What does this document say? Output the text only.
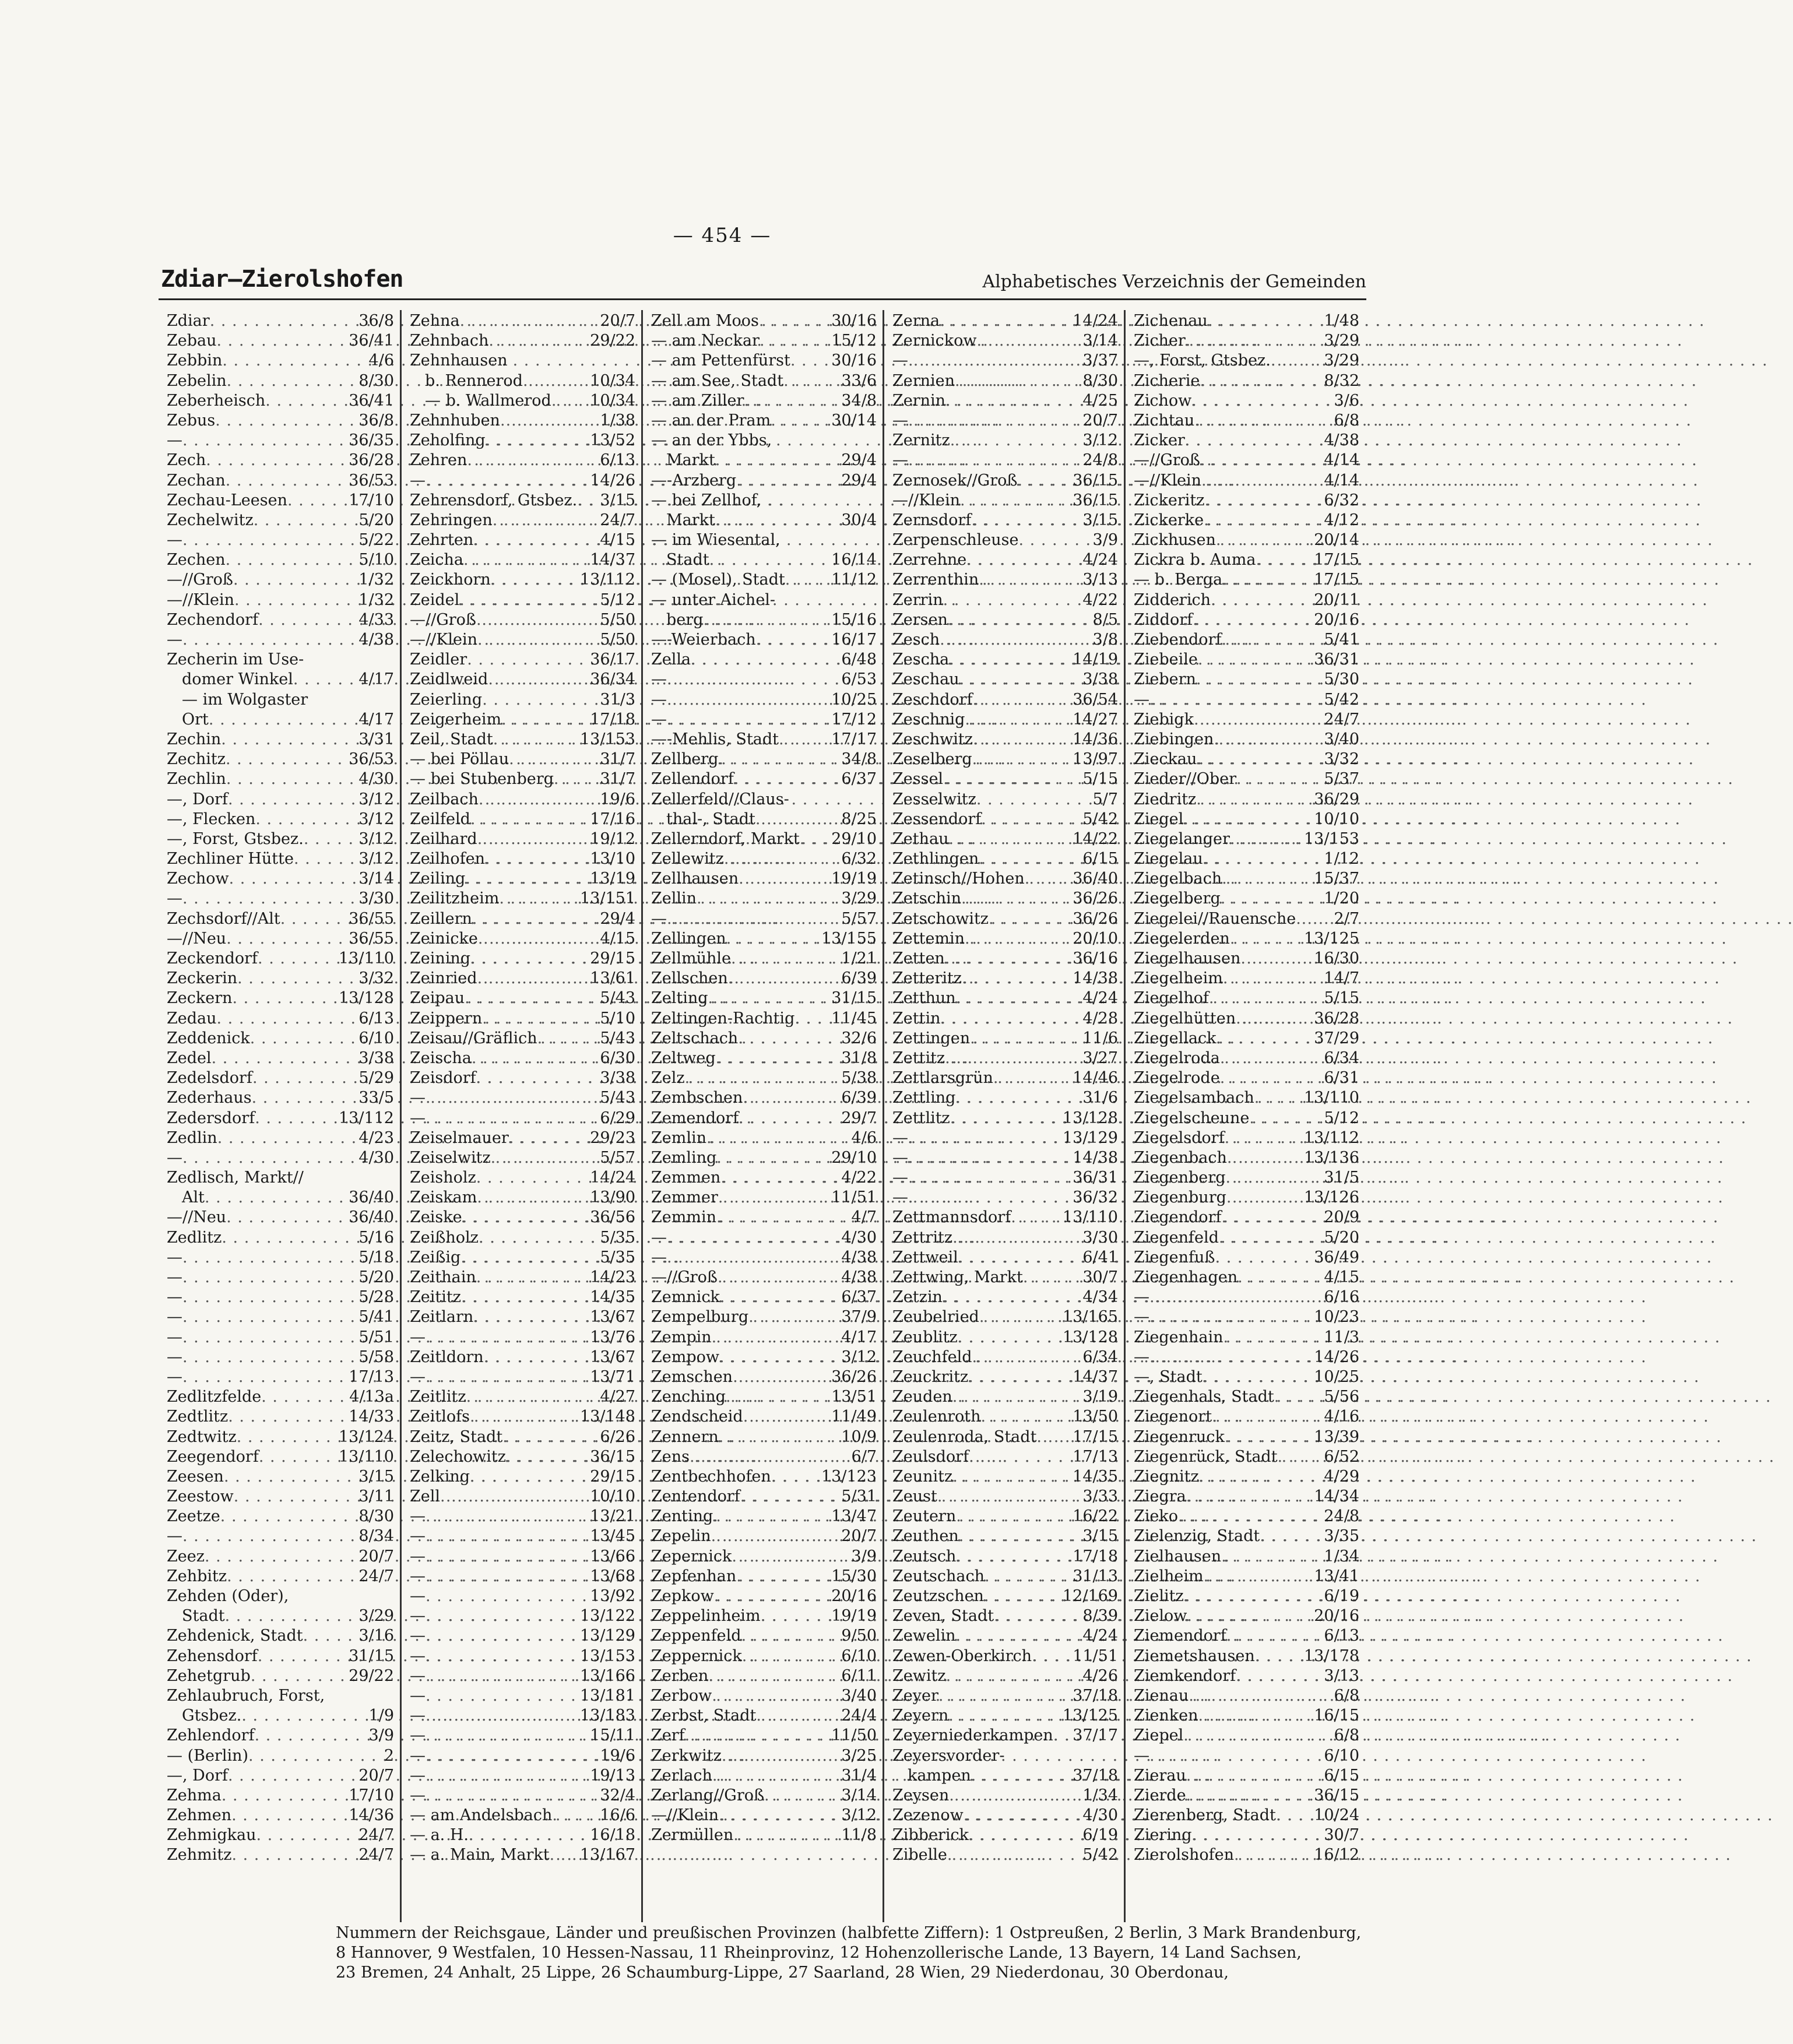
— 454 —
Zdiar—Zierolshofen	Alphabetisches Verzeichnis der Gemeinden
Zdiar . . .	36/8
Zebau . . .	36/41
Zebbin . . .	4/6
Zebelin . . .	8/30
Zeberheisch . . .	36/41
Zebus . . .	36/8
— . . .	36/35
Zech . . .	36/28
Zechan . . .	36/53
Zechau-Leesen . . .	17/10
Zechelwitz . . .	5/20
— . . .	5/22
Zechen . . .	5/10
—//Groß . . .	1/32
—//Klein . . .	1/32
Zechendorf . . .	4/33
— . . .	4/38
Zecherin im Use-
domer Winkel . . .	4/17
— im Wolgaster
Ort . . .	4/17
Zechin . . .	3/31
Zechitz . . .	36/53
Zechlin . . .	4/30
—, Dorf . . .	3/12
—, Flecken . . .	3/12
—, Forst, Gtsbez. . . .	3/12
Zechliner Hütte . . .	3/12
Zechow . . .	3/14
— . . .	3/30
Zechsdorf//Alt . . .	36/55
—//Neu . . .	36/55
Zeckendorf . . .	13/110
Zeckerin . . .	3/32
Zeckern . . .	13/128
Zedau . . .	6/13
Zeddenick . . .	6/10
Zedel . . .	3/38
Zedelsdorf . . .	5/29
Zederhaus . . .	33/5
Zedersdorf . . .	13/112
Zedlin . . .	4/23
— . . .	4/30
Zedlisch, Markt//
Alt . . .	36/40
—//Neu . . .	36/40
Zedlitz . . .	5/16
— . . .	5/18
— . . .	5/20
— . . .	5/28
— . . .	5/41
— . . .	5/51
— . . .	5/58
— . . .	17/13
Zedlitzfelde . . .	4/13a
Zedtlitz . . .	14/33
Zedtwitz . . .	13/124
Zeegendorf . . .	13/110
Zeesen . . .	3/15
Zeestow . . .	3/11
Zeetze . . .	8/30
— . . .	8/34
Zeez . . .	20/7
Zehbitz . . .	24/7
Zehden (Oder),
Stadt . . .	3/29
Zehdenick, Stadt . . .	3/16
Zehensdorf . . .	31/15
Zehetgrub . . .	29/22
Zehlaubruch, Forst,
Gtsbez. . . .	1/9
Zehlendorf . . .	3/9
— (Berlin) . . .	2
—, Dorf . . .	20/7
Zehma . . .	17/10
Zehmen . . .	14/36
Zehmigkau . . .	24/7
Zehmitz . . .	24/7
Zehna . . .	20/7
Zehnbach . . .	29/22
Zehnhausen
b. Rennerod . . .	10/34
— b. Wallmerod . . . 10/34
Zehnhuben . . .	1/38
Zeholfing . . .	13/52
Zehren . . .	6/13
— . . .	14/26
Zehrensdorf, Gtsbez. . . . 3/15
Zehringen . . .	24/7
Zehrten . . .	4/15
Zeicha . . .	14/37
Zeickhorn . . .	13/112
Zeidel . . .	5/12
—//Groß . . .	5/50
—//Klein . . .	5/50
Zeidler . . .	36/17
Zeidlweid . . .	36/34
Zeierling . . .	31/3
Zeigerheim . . .	17/18
Zeil, Stadt . . .	13/153
— bei Pöllau . . .	31/7
— bei Stubenberg . . .	31/7
Zeilbach . . .	19/6
Zeilfeld . . .	17/16
Zeilhard . . .	19/12
Zeilhofen . . .	13/10
Zeiling . . .	13/19
Zeilitzheim . . .	13/151
Zeillern . . .	29/4
Zeinicke . . .	4/15
Zeining . . .	29/15
Zeinried . . .	13/61
Zeipau . . .	5/43
Zeippern . . .	5/10
Zeisau//Gräflich . . .	5/43
Zeischa . . .	6/30
Zeisdorf . . .	3/38
— . . .	5/43
— . . .	6/29
Zeiselmauer . . .	29/23
Zeiselwitz . . .	5/57
Zeisholz . . .	14/24
Zeiskam . . .	13/90
Zeiske . . .	36/56
Zeißholz . . .	5/35
Zeißig . . .	5/35
Zeithain . . .	14/23
Zeititz . . .	14/35
Zeitlarn . . .	13/67
— . . .	13/76
Zeitldorn . . .	13/67
— . . .	13/71
Zeitlitz . . .	4/27
Zeitlofs . . .	13/148
Zeitz, Stadt . . .	6/26
Zelechowitz . . .	36/15
Zelking . . .	29/15
Zell . . .	10/10
— . . .	13/21
— . . .	13/45
— . . .	13/66
— . . .	13/68
— . . .	13/92
— . . .	13/122
— . . .	13/129
— . . .	13/153
— . . .	13/166
— . . .	13/181
— . . .	13/183
— . . .	15/11
— . . .	19/6
— . . .	19/13
— . . .	32/4
— am Andelsbach . . .	16/6
— a. H. . . .	16/18
— a. Main, Markt . . . 13/167
Zell am Moos . . .	30/16
— am Neckar . . .	15/12
— am Pettenfürst . . .	30/16
— am See, Stadt . . .	33/6
— am Ziller . . .	34/8
— an der Pram . . .	30/14
— an der Ybbs,
Markt . . .	29/4
—-Arzberg . . .	29/4
— bei Zellhof,
Markt . . .	30/4
— im Wiesental,
Stadt . . .	16/14
— (Mosel), Stadt . . .	11/12
— unter Aichel-
berg . . .	15/16
—-Weierbach . . .	16/17
Zella . . .	6/48
— . . .	6/53
— . . .	10/25
— . . .	17/12
—-Mehlis, Stadt . . .	17/17
Zellberg . . .	34/8
Zellendorf . . .	6/37
Zellerfeld//Claus-
thal-, Stadt . . .	8/25
Zellerndorf, Markt . . . 29/10
Zellewitz . . .	6/32
Zellhausen . . .	19/19
Zellin . . .	3/29
— . . .	5/57
Zellingen . . .	13/155
Zellmühle . . .	1/21
Zellschen . . .	6/39
Zelting . . .	31/15
Zeltingen-Rachtig . . . 11/45
Zeltschach . . .	32/6
Zeltweg . . .	31/8
Zelz . . .	5/38
Zembschen . . .	6/39
Zemendorf . . .	29/7
Zemlin . . .	4/6
Zemling . . .	29/10
Zemmen . . .	4/22
Zemmer . . .	11/51
Zemmin . . .	4/7
— . . .	4/30
— . . .	4/38
—//Groß . . .	4/38
Zemnick . . .	6/37
Zempelburg . . .	37/9
Zempin . . .	4/17
Zempow . . .	3/12
Zemschen . . .	36/26
Zenching . . .	13/51
Zendscheid . . .	11/49
Zennern . . .	10/9
Zens . . .	6/7
Zentbechhofen . . .	13/123
Zentendorf . . .	5/31
Zenting . . .	13/47
Zepelin . . .	20/7
Zepernick . . .	3/9
Zepfenhan . . .	15/30
Zepkow . . .	20/16
Zeppelinheim . . .	19/19
Zeppenfeld . . .	9/50
Zeppernick . . .	6/10
Zerben . . .	6/11
Zerbow . . .	3/40
Zerbst, Stadt . . .	24/4
Zerf . . .	11/50
Zerkwitz . . .	3/25
Zerlach . . .	31/4
Zerlang//Groß . . .	3/14
—//Klein . . .	3/12
Zermüllen . . .	11/8
Zerna . . .	14/24
Zernickow . . .	3/14
— . . .	3/37
Zernien . . .	8/30
Zernin . . .	4/25
— . . .	20/7
Zernitz . . .	3/12
— . . .	24/8
Zernosek//Groß . . .	36/15
—//Klein . . .	36/15
Zernsdorf . . .	3/15
Zerpenschleuse . . .	3/9
Zerrehne . . .	4/24
Zerrenthin . . .	3/13
Zerrin . . .	4/22
Zersen . . .	8/5
Zesch . . .	3/8
Zescha . . .	14/19
Zeschau . . .	3/38
Zeschdorf . . .	36/54
Zeschnig . . .	14/27
Zeschwitz . . .	14/36
Zeselberg . . .	13/97
Zessel . . .	5/15
Zesselwitz . . .	5/7
Zessendorf . . .	5/42
Zethau . . .	14/22
Zethlingen . . .	6/15
Zetinsch//Hohen . . .	36/40
Zetschin . . .	36/26
Zetschowitz . . .	36/26
Zettemin . . .	20/10
Zetten . . .	36/16
Zetteritz . . .	14/38
Zetthun . . .	4/24
Zettin . . .	4/28
Zettingen . . .	11/6
Zettitz . . .	3/27
Zettlarsgrün . . .	14/46
Zettling . . .	31/6
Zettlitz . . .	13/128
— . . .	13/129
— . . .	14/38
— . . .	36/31
— . . .	36/32
Zettmannsdorf . . .	13/110
Zettritz . . .	3/30
Zettweil . . .	6/41
Zettwing, Markt . . .	30/7
Zetzin . . .	4/34
Zeubelried . . .	13/165
Zeublitz . . .	13/128
Zeuchfeld . . .	6/34
Zeuckritz . . .	14/37
Zeuden . . .	3/19
Zeulenroth . . .	13/50
Zeulenroda, Stadt . . . 17/15
Zeulsdorf . . .	17/13
Zeunitz . . .	14/35
Zeust . . .	3/33
Zeutern . . .	16/22
Zeuthen . . .	3/15
Zeutsch . . .	17/18
Zeutschach . . .	31/13
Zeutzschen . . .	12/169
Zeven, Stadt . . .	8/39
Zewelin . . .	4/24
Zewen-Oberkirch . . .	11/51
Zewitz . . .	4/26
Zeyer . . .	37/18
Zeyern . . .	13/125
Zeyerniederkampen . . . 37/17
Zeyersvorder-
kampen . . .	37/18
Zeysen . . .	1/34
Zezenow . . .	4/30
Zibberick . . .	6/19
Zibelle . . .	5/42
Zichenau . . .	1/48
Zicher . . .	3/29
—, Forst, Gtsbez. . . .	3/29
Zicherie . . .	8/32
Zichow . . .	3/6
Zichtau . . .	6/8
Zicker . . .	4/38
—//Groß . . .	4/14
—//Klein . . .	4/14
Zickeritz . . .	6/32
Zickerke . . .	4/12
Zickhusen . . .	20/14
Zickra b. Auma . . .	17/15
— b. Berga . . .	17/15
Zidderich . . .	20/11
Ziddorf . . .	20/16
Ziebendorf . . .	5/41
Ziebeile . . .	36/31
Ziebern . . .	5/30
— . . .	5/42
Ziebigk . . .	24/7
Ziebingen . . .	3/40
Zieckau . . .	3/32
Zieder//Ober . . .	5/37
Ziedritz . . .	36/29
Ziegel . . .	10/10
Ziegelanger . . .	13/153
Ziegelau . . .	1/12
Ziegelbach . . .	15/37
Ziegelberg . . .	1/20
Ziegelei//Rauensche . . . 2/7
Ziegelerden . . .	13/125
Ziegelhausen . . .	16/30
Ziegelheim . . .	14/7
Ziegelhof . . .	5/15
Ziegelhütten . . .	36/28
Ziegellack . . .	37/29
Ziegelroda . . .	6/34
Ziegelrode . . .	6/31
Ziegelsambach . . .	13/110
Ziegelscheune . . .	5/12
Ziegelsdorf . . .	13/112
Ziegenbach . . .	13/136
Ziegenberg . . .	31/5
Ziegenburg . . .	13/126
Ziegendorf . . .	20/9
Ziegenfeld . . .	5/20
Ziegenfuß . . .	36/49
Ziegenhagen . . .	4/15
— . . .	6/16
— . . .	10/23
Ziegenhain . . .	11/3
— . . .	14/26
—, Stadt . . .	10/25
Ziegenhals, Stadt . . .	5/56
Ziegenort . . .	4/16
Ziegenruck . . .	13/39
Ziegenrück, Stadt . . .	6/52
Ziegnitz . . .	4/29
Ziegra . . .	14/34
Zieko . . .	24/8
Zielenzig, Stadt . . .	3/35
Zielhausen . . .	1/34
Zielheim . . .	13/41
Zielitz . . .	6/19
Zielow . . .	20/16
Ziemendorf . . .	6/13
Ziemetshausen . . .	13/178
Ziemkendorf . . .	3/13
Zienau . . .	6/8
Zienken . . .	16/15
Ziepel . . .	6/8
— . . .	6/10
Zierau . . .	6/15
Zierde . . .	36/15
Zierenberg, Stadt . . . 10/24
Ziering . . .	30/7
Zierolshofen . . .	16/12

Nummern der Reichsgaue, Länder und preußischen Provinzen (halbfette Ziffern): 1 Ostpreußen, 2 Berlin, 3 Mark Brandenburg,

8 Hannover, 9 Westfalen, 10 Hessen-Nassau, 11 Rheinprovinz, 12 Hohenzollerische Lande, 13 Bayern, 14 Land Sachsen,

23 Bremen, 24 Anhalt, 25 Lippe, 26 Schaumburg-Lippe, 27 Saarland, 28 Wien, 29 Niederdonau, 30 Oberdonau,
